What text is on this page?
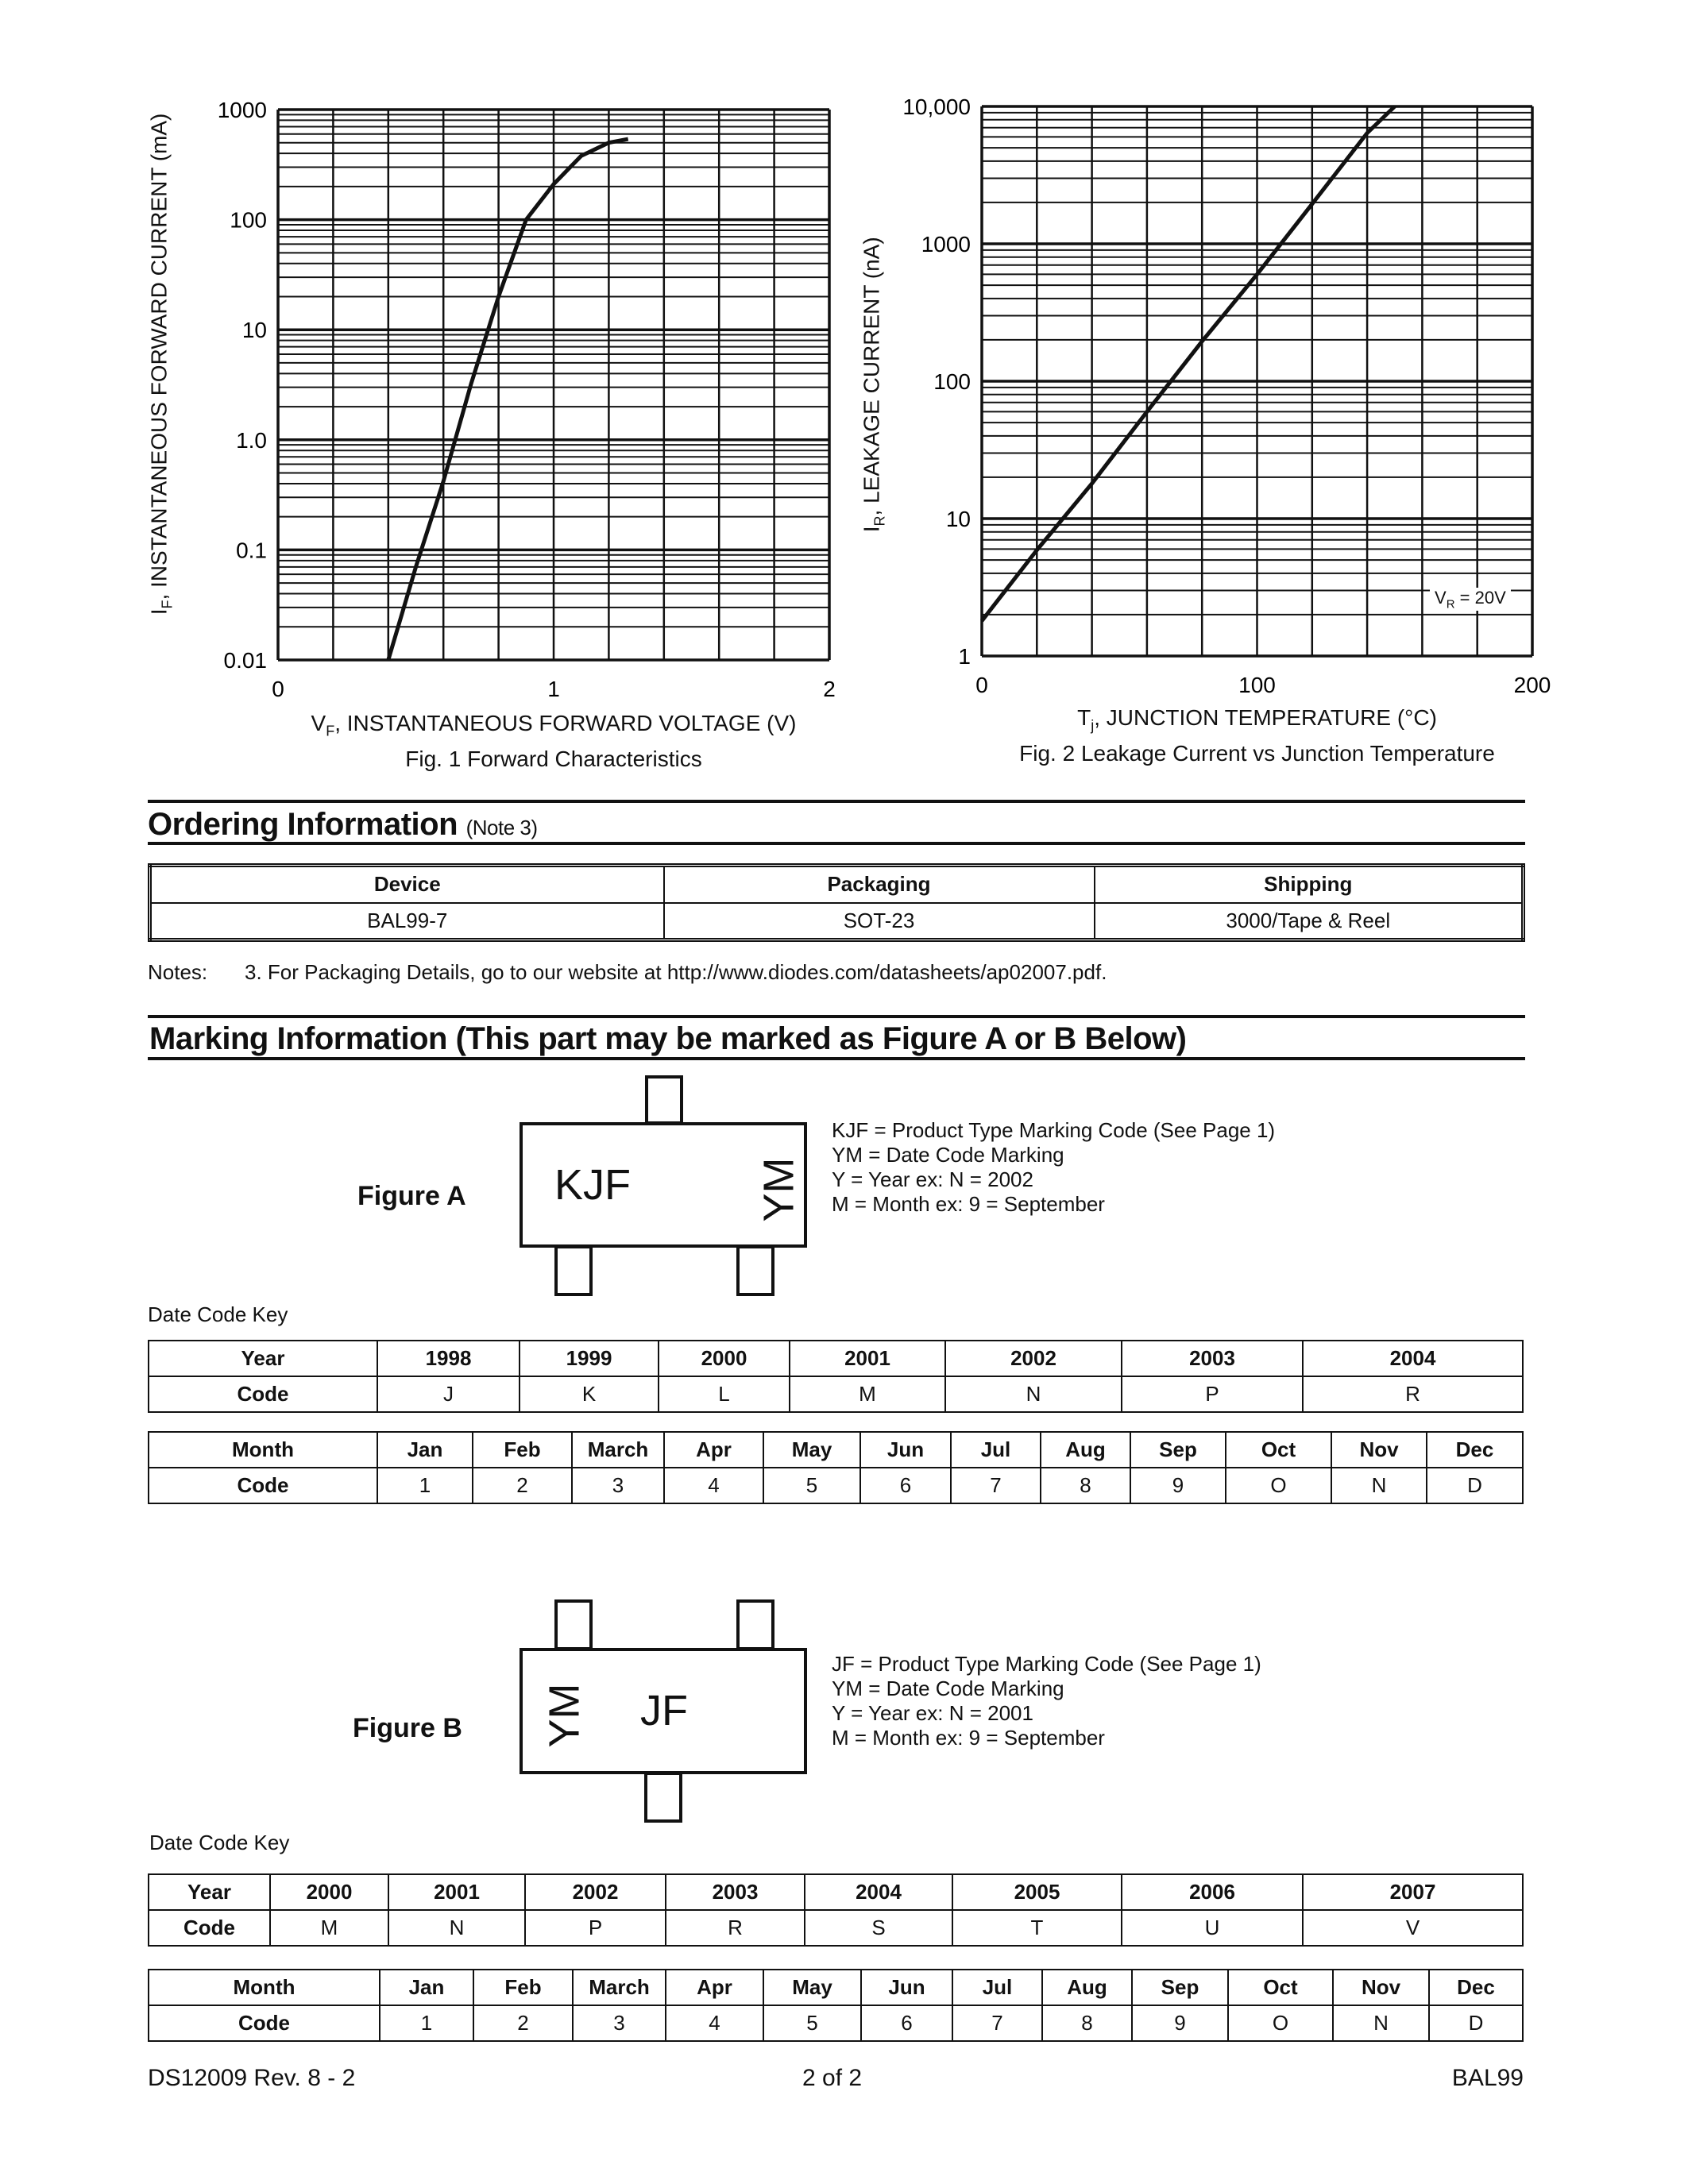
0.01
0.1
1.0
10
100
1000
0	1	2
1
10
100
1000
10,000
0	100	200
$I_F$, INSTANTANEOUS FORWARD CURRENT (mA)
$V_F$, INSTANTANEOUS FORWARD VOLTAGE (V)
Fig. 1 Forward Characteristics
$I_R$, LEAKAGE CURRENT (nA)
$T_j$, JUNCTION TEMPERATURE (°C)
Fig. 2 Leakage Current vs Junction Temperature
$V_R = 20V$
Ordering Information (Note 3)
Device	Packaging	Shipping
BAL99-7	SOT-23	3000/Tape & Reel
Notes: 3. For Packaging Details, go to our website at http://www.diodes.com/datasheets/ap02007.pdf.
Marking Information (This part may be marked as Figure A or B Below)
Figure A KJF	YM
KJF = Product Type Marking Code (See Page 1)
YM = Date Code Marking
Y = Year ex: N = 2002
M = Month ex: 9 = September
Date Code Key
Year	1998	1999	2000	2001	2002	2003	2004
Code	J	K	L	M	N	P	R
Month	Jan	Feb	March	Apr	May	Jun	Jul	Aug	Sep	Oct	Nov	Dec
Code	1	2	3	4	5	6	7	8	9	O	N	D
Figure B YM JF
JF = Product Type Marking Code (See Page 1)
YM = Date Code Marking
Y = Year ex: N = 2001
M = Month ex: 9 = September
Date Code Key
Year	2000	2001	2002	2003	2004	2005	2006	2007
Code	M	N	P	R	S	T	U	V
Month	Jan	Feb	March	Apr	May	Jun	Jul	Aug	Sep	Oct	Nov	Dec
Code	1	2	3	4	5	6	7	8	9	O	N	D
DS12009 Rev. 8 - 2	2 of 2	BAL99
